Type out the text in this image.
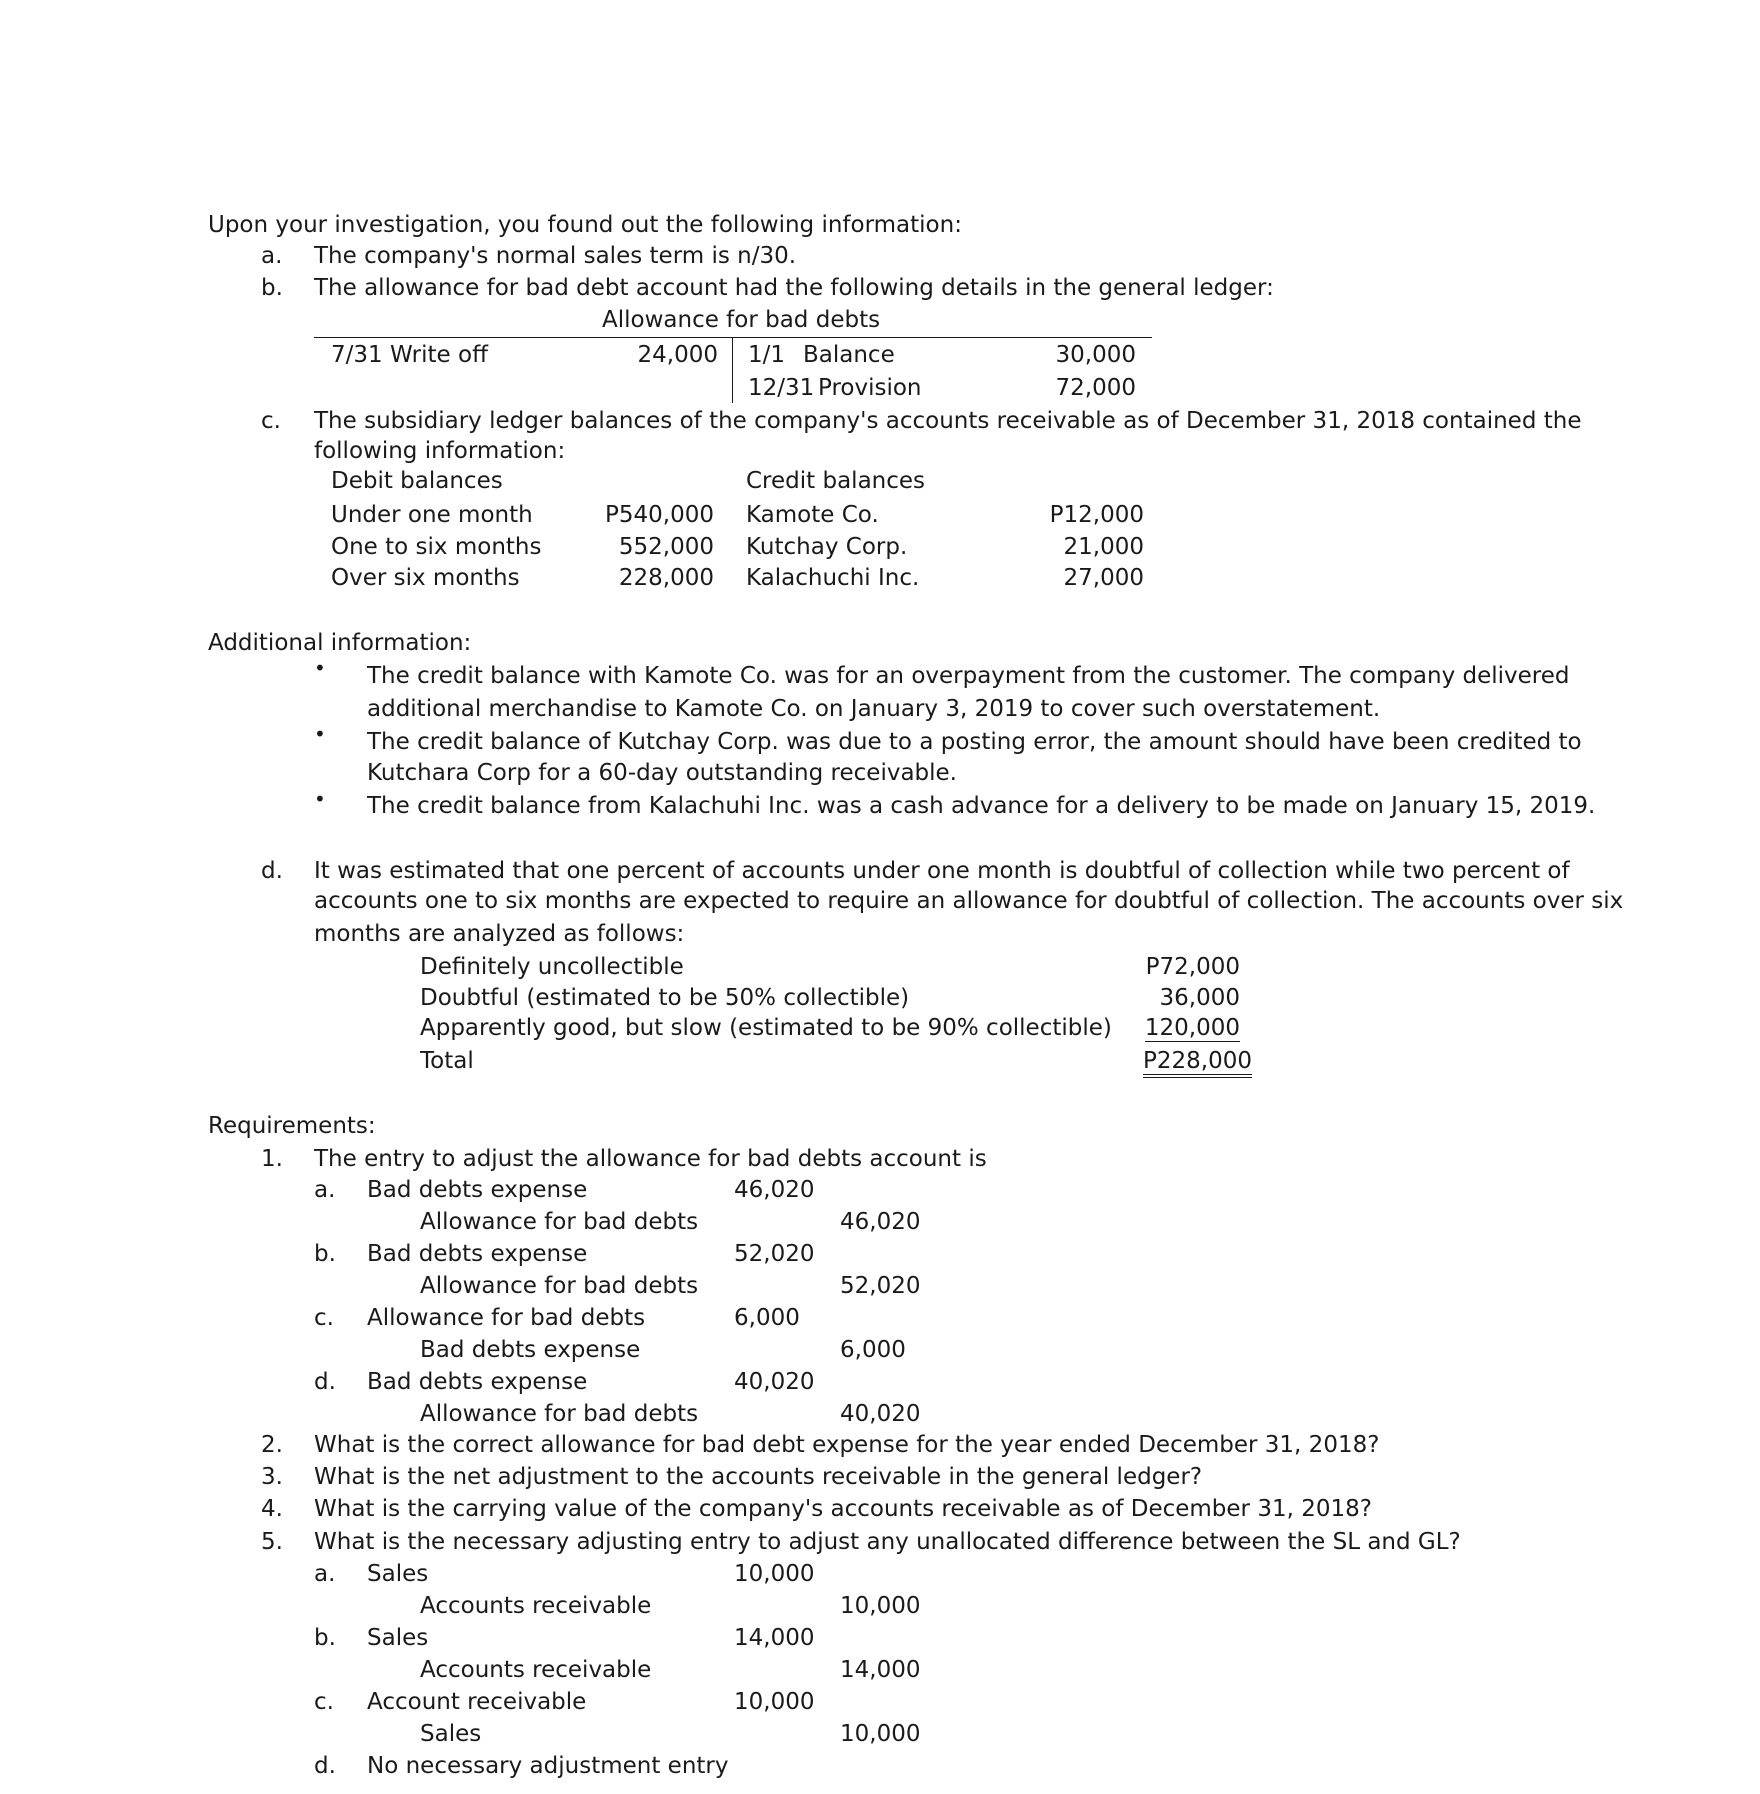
Upon your investigation, you found out the following information:
a. The company's normal sales term is n/30.
b. The allowance for bad debt account had the following details in the general ledger:
Allowance for bad debts
7/31 Write off	24,000 1/1 Balance	30,000
12/31 Provision	72,000
c. The subsidiary ledger balances of the company's accounts receivable as of December 31, 2018 contained the
following information:
Debit balances	Credit balances
Under one month	P540,000 Kamote Co.	P12,000
One to six months	552,000 Kutchay Corp.	21,000
Over six months	228,000 Kalachuchi Inc.	27,000
Additional information:
• The credit balance with Kamote Co. was for an overpayment from the customer. The company delivered
additional merchandise to Kamote Co. on January 3, 2019 to cover such overstatement.
• The credit balance of Kutchay Corp. was due to a posting error, the amount should have been credited to
Kutchara Corp for a 60-day outstanding receivable.
• The credit balance from Kalachuhi Inc. was a cash advance for a delivery to be made on January 15, 2019.
d. It was estimated that one percent of accounts under one month is doubtful of collection while two percent of
accounts one to six months are expected to require an allowance for doubtful of collection. The accounts over six
months are analyzed as follows:
Definitely uncollectible	P72,000
Doubtful (estimated to be 50% collectible)	36,000
Apparently good, but slow (estimated to be 90% collectible) 120,000
Total	P228,000
Requirements:
1. The entry to adjust the allowance for bad debts account is
a. Bad debts expense	46,020
Allowance for bad debts	46,020
b. Bad debts expense	52,020
Allowance for bad debts	52,020
c. Allowance for bad debts	6,000
Bad debts expense	6,000
d. Bad debts expense	40,020
Allowance for bad debts	40,020
2. What is the correct allowance for bad debt expense for the year ended December 31, 2018?
3. What is the net adjustment to the accounts receivable in the general ledger?
4. What is the carrying value of the company's accounts receivable as of December 31, 2018?
5. What is the necessary adjusting entry to adjust any unallocated difference between the SL and GL?
a. Sales	10,000
Accounts receivable	10,000
b. Sales	14,000
Accounts receivable	14,000
c. Account receivable	10,000
Sales	10,000
d. No necessary adjustment entry
